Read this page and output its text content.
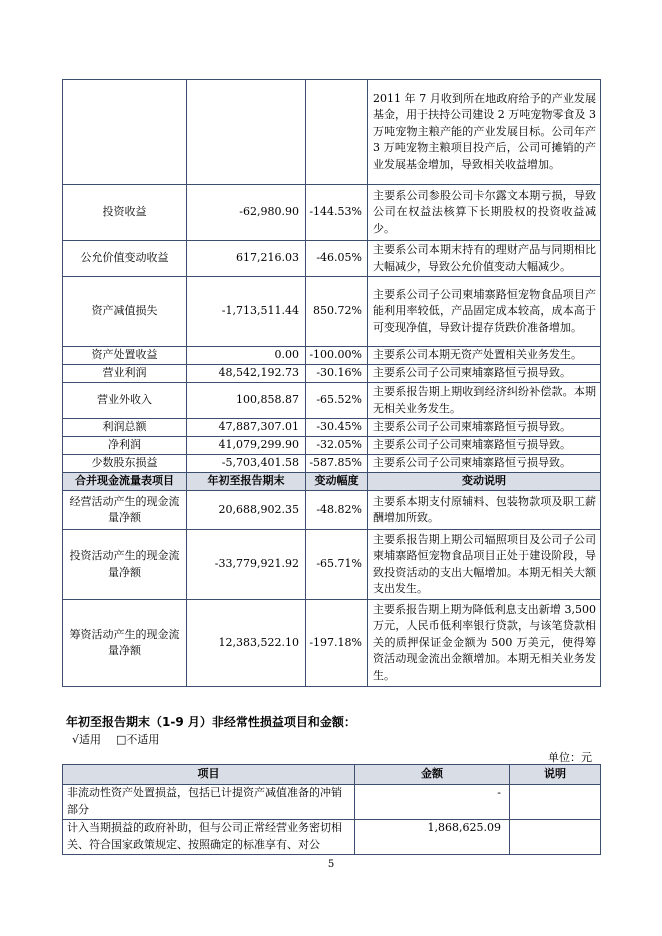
			2011 年 7 月收到所在地政府给予的产业发展基金，用于扶持公司建设 2 万吨宠物零食及 3 万吨宠物主粮产能的产业发展目标。公司年产 3 万吨宠物主粮项目投产后，公司可摊销的产业发展基金增加，导致相关收益增加。
投资收益	-62,980.90	-144.53%	主要系公司参股公司卡尔露文本期亏损，导致公司在权益法核算下长期股权的投资收益减少。
公允价值变动收益	617,216.03	-46.05%	主要系公司本期末持有的理财产品与同期相比大幅减少，导致公允价值变动大幅减少。
资产减值损失	-1,713,511.44	850.72%	主要系公司子公司柬埔寨路恒宠物食品项目产能利用率较低，产品固定成本较高，成本高于可变现净值，导致计提存货跌价准备增加。
资产处置收益	0.00	-100.00%	主要系公司本期无资产处置相关业务发生。
营业利润	48,542,192.73	-30.16%	主要系公司子公司柬埔寨路恒亏损导致。
营业外收入	100,858.87	-65.52%	主要系报告期上期收到经济纠纷补偿款。本期无相关业务发生。
利润总额	47,887,307.01	-30.45%	主要系公司子公司柬埔寨路恒亏损导致。
净利润	41,079,299.90	-32.05%	主要系公司子公司柬埔寨路恒亏损导致。
少数股东损益	-5,703,401.58	-587.85%	主要系公司子公司柬埔寨路恒亏损导致。
合并现金流量表项目	年初至报告期末	变动幅度	变动说明
经营活动产生的现金流量净额	20,688,902.35	-48.82%	主要系本期支付原辅料、包装物款项及职工薪酬增加所致。
投资活动产生的现金流量净额	-33,779,921.92	-65.71%	主要系报告期上期公司辐照项目及公司子公司柬埔寨路恒宠物食品项目正处于建设阶段，导致投资活动的支出大幅增加。本期无相关大额支出发生。
筹资活动产生的现金流量净额	12,383,522.10	-197.18%	主要系报告期上期为降低利息支出新增 3,500 万元，人民币低利率银行贷款，与该笔贷款相关的质押保证金金额为 500 万美元，使得筹资活动现金流出金额增加。本期无相关业务发生。
年初至报告期末（1-9 月）非经常性损益项目和金额：
√适用 □不适用
单位：元
项目	金额	说明
非流动性资产处置损益，包括已计提资产减值准备的冲销部分	-	
计入当期损益的政府补助，但与公司正常经营业务密切相关、符合国家政策规定、按照确定的标准享有、对公	1,868,625.09	
5
